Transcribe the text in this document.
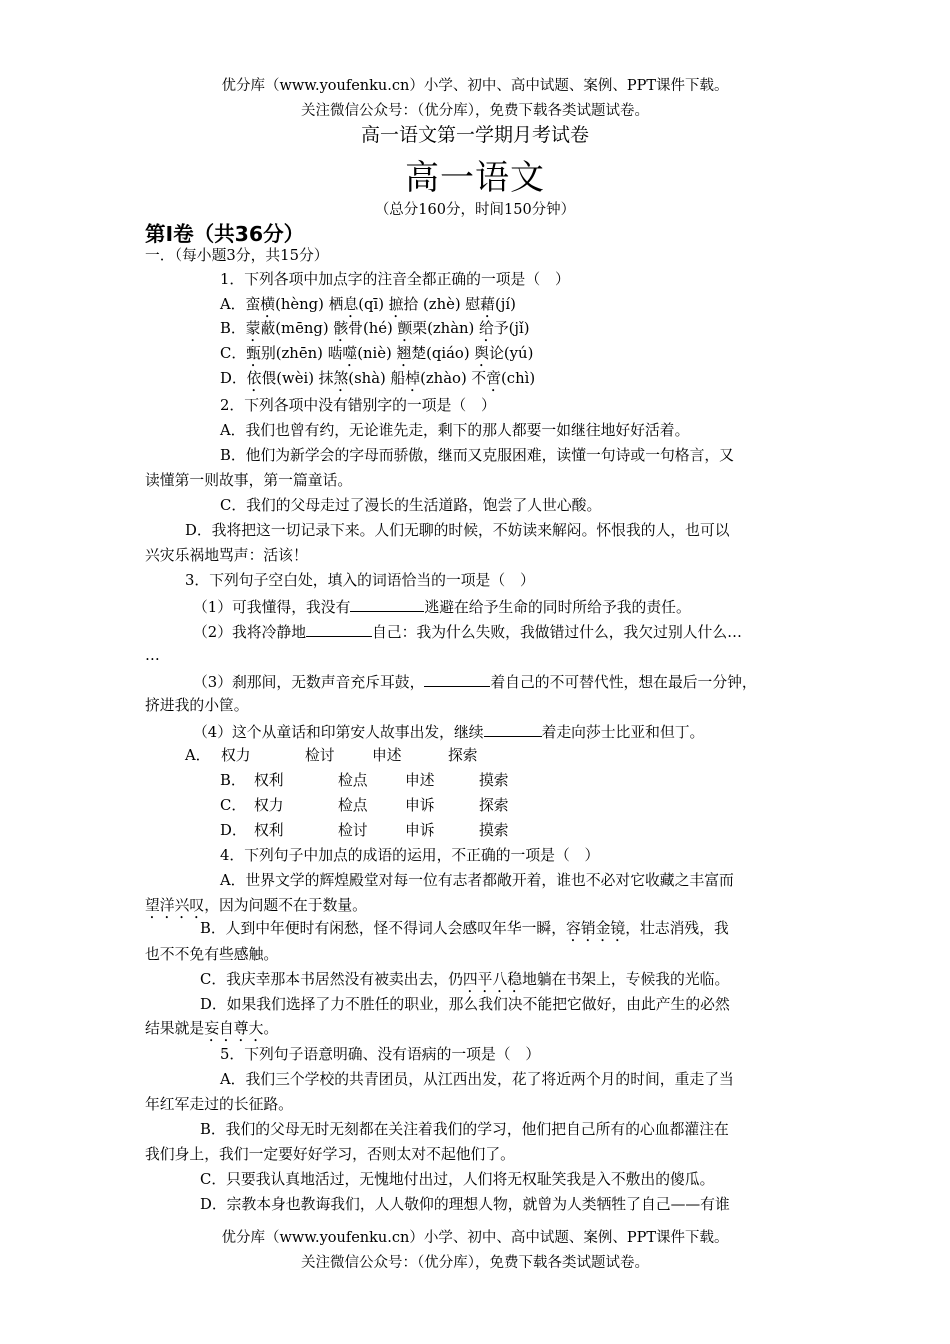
优分库（www.youfenku.cn）小学、初中、高中试题、案例、PPT课件下载。
关注微信公众号：（优分库），免费下载各类试题试卷。
高一语文第一学期月考试卷
高一语文
（总分160分，时间150分钟）
第Ⅰ卷（共36分）
一．（每小题3分，共15分）
1．下列各项中加点字的注音全都正确的一项是（　）
A．蛮横(hèng) 栖息(qī) 摭拾 (zhè) 慰藉(jí)
B．蒙蔽(mēng) 骸骨(hé) 颤栗(zhàn) 给予(jǐ)
C．甄别(zhēn) 啮噬(niè) 翘楚(qiáo) 舆论(yú)
D．依偎(wèi) 抹煞(shà) 船棹(zhào) 不啻(chì)
2．下列各项中没有错别字的一项是（　）
A．我们也曾有约，无论谁先走，剩下的那人都要一如继往地好好活着。
B．他们为新学会的字母而骄傲，继而又克服困难，读懂一句诗或一句格言，又
读懂第一则故事，第一篇童话。
C．我们的父母走过了漫长的生活道路，饱尝了人世心酸。
D．我将把这一切记录下来。人们无聊的时候，不妨读来解闷。怀恨我的人，也可以
兴灾乐祸地骂声：活该！
3．下列句子空白处，填入的词语恰当的一项是（　）
（1）可我懂得，我没有	逃避在给予生命的同时所给予我的责任。
（2）我将冷静地	自己：我为什么失败，我做错过什么，我欠过别人什么…
…
（3）刹那间，无数声音充斥耳鼓，	着自己的不可替代性，想在最后一分钟，
挤进我的小筐。
（4）这个从童话和印第安人故事出发，继续	着走向莎士比亚和但丁。
A． 权力	检讨	申述	探索
B． 权利	检点	申述	摸索
C． 权力	检点	申诉	探索
D． 权利	检讨	申诉	摸索
4．下列句子中加点的成语的运用，不正确的一项是（　）
A．世界文学的辉煌殿堂对每一位有志者都敞开着，谁也不必对它收藏之丰富而
望洋兴叹，因为问题不在于数量。
B．人到中年便时有闲愁，怪不得词人会感叹年华一瞬，容销金镜，壮志消残，我
也不不免有些感触。
C．我庆幸那本书居然没有被卖出去，仍四平八稳地躺在书架上，专候我的光临。
D．如果我们选择了力不胜任的职业，那么我们决不能把它做好，由此产生的必然
结果就是妄自尊大。
5．下列句子语意明确、没有语病的一项是（　）
A．我们三个学校的共青团员，从江西出发，花了将近两个月的时间，重走了当
年红军走过的长征路。
B．我们的父母无时无刻都在关注着我们的学习，他们把自己所有的心血都灌注在
我们身上，我们一定要好好学习，否则太对不起他们了。
C．只要我认真地活过，无愧地付出过，人们将无权耻笑我是入不敷出的傻瓜。
D．宗教本身也教诲我们，人人敬仰的理想人物，就曾为人类牺牲了自己——有谁
优分库（www.youfenku.cn）小学、初中、高中试题、案例、PPT课件下载。
关注微信公众号：（优分库），免费下载各类试题试卷。
